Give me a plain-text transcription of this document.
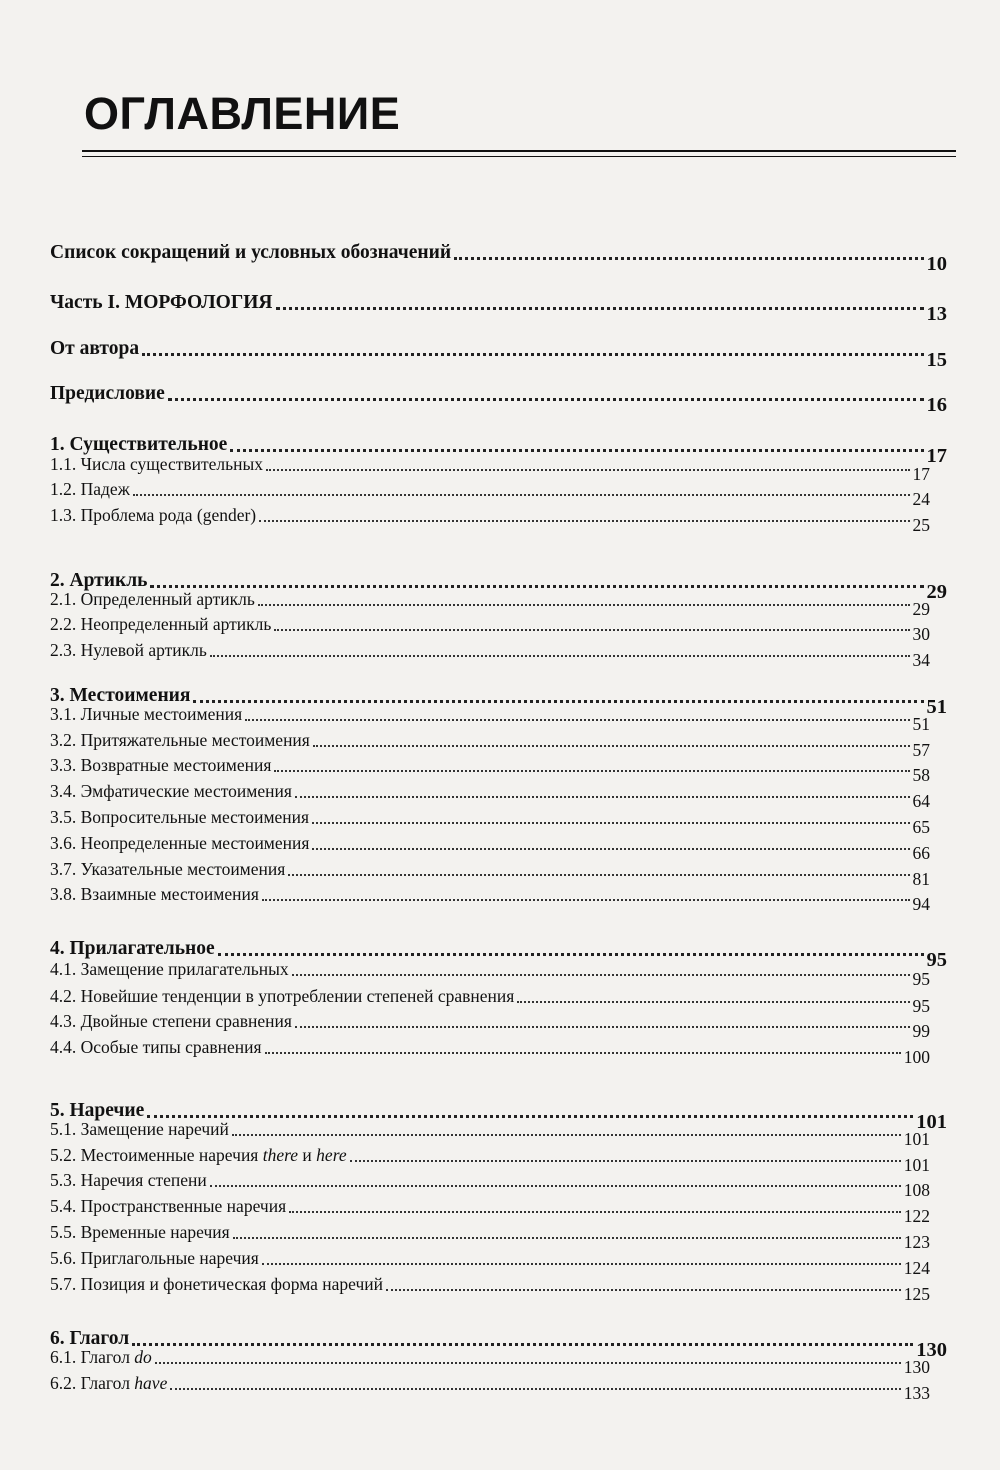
ОГЛАВЛЕНИЕ
Список сокращений и условных обозначений
10
Часть I. МОРФОЛОГИЯ
13
От автора
15
Предисловие
16
1. Существительное
17
1.1. Числа существительных	17
1.2. Падеж	24
1.3. Проблема рода (gender)	25
2. Артикль
29
2.1. Определенный артикль	29
2.2. Неопределенный артикль	30
2.3. Нулевой артикль	34
3. Местоимения
51
3.1. Личные местоимения	51
3.2. Притяжательные местоимения	57
3.3. Возвратные местоимения	58
3.4. Эмфатические местоимения	64
3.5. Вопросительные местоимения	65
3.6. Неопределенные местоимения	66
3.7. Указательные местоимения	81
3.8. Взаимные местоимения	94
4. Прилагательное
95
4.1. Замещение прилагательных	95
4.2. Новейшие тенденции в употреблении степеней сравнения	95
4.3. Двойные степени сравнения	99
4.4. Особые типы сравнения	100
5. Наречие
101
5.1. Замещение наречий	101
5.2. Местоименные наречия there и here	101
5.3. Наречия степени	108
5.4. Пространственные наречия	122
5.5. Временные наречия	123
5.6. Приглагольные наречия	124
5.7. Позиция и фонетическая форма наречий	125
6. Глагол
130
6.1. Глагол do	130
6.2. Глагол have	133
